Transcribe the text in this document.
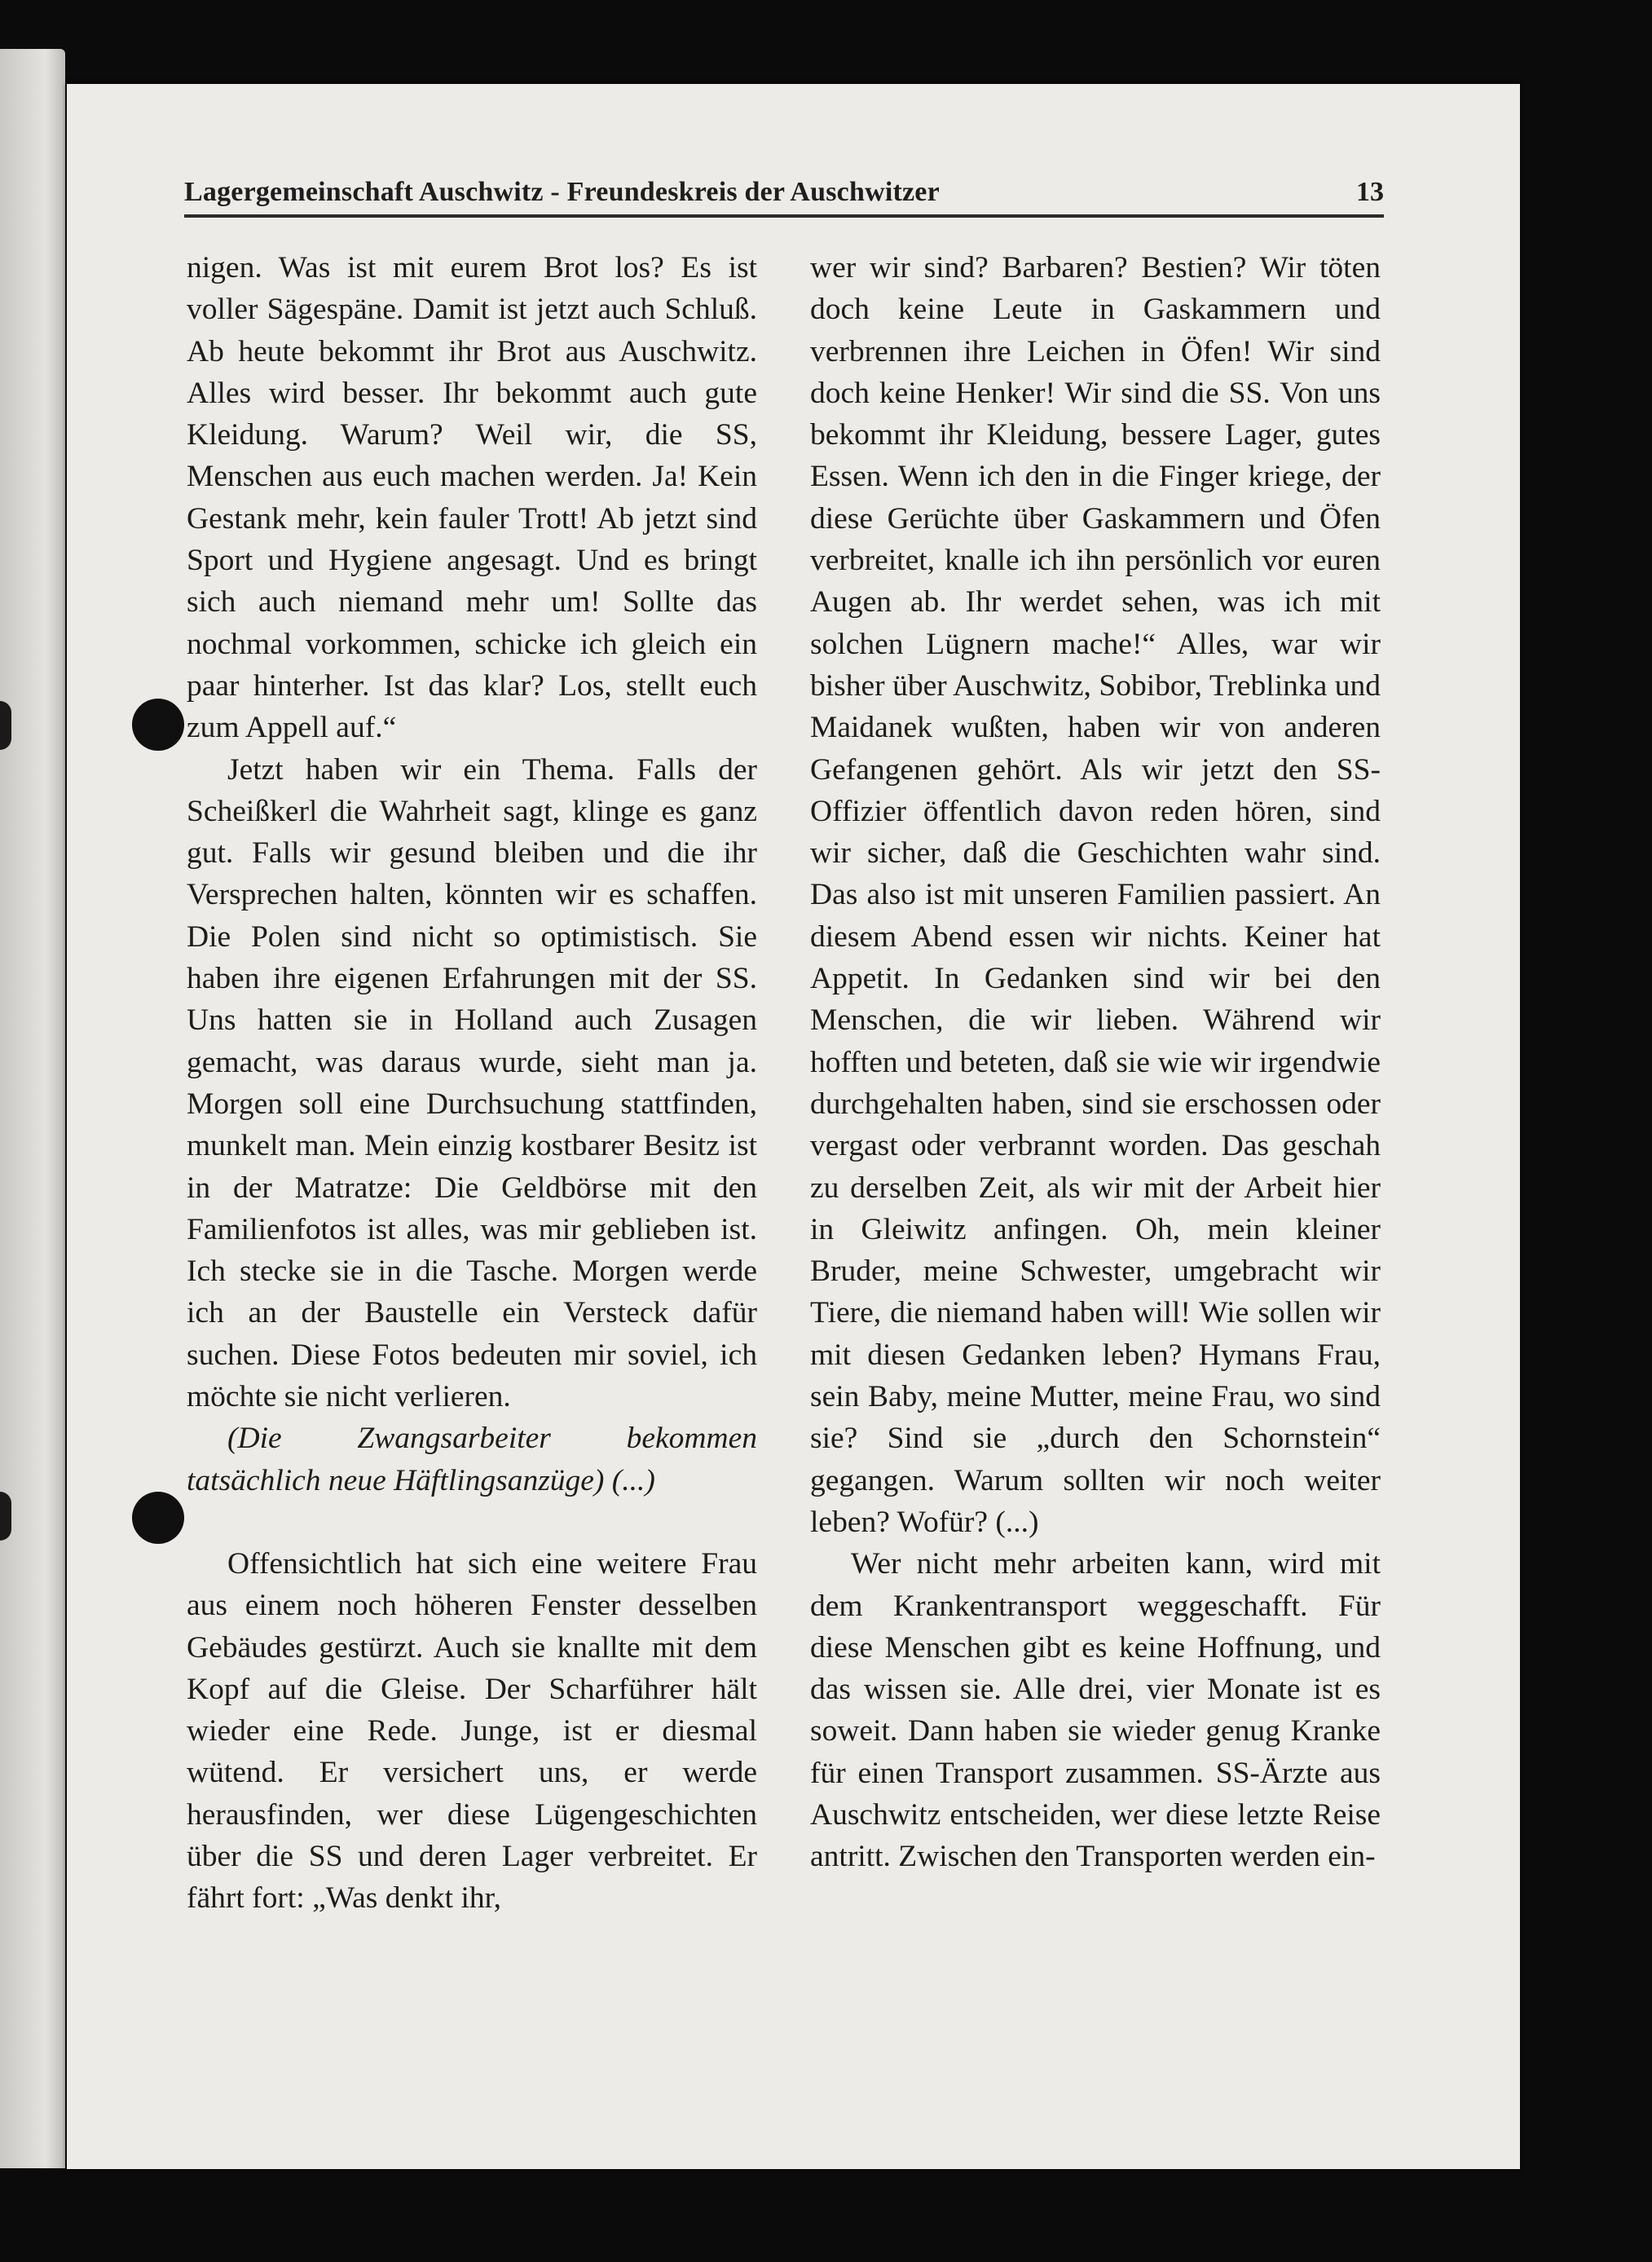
Lagergemeinschaft Auschwitz - Freundeskreis der Auschwitzer	13

nigen. Was ist mit eurem Brot los? Es ist voller Sägespäne. Damit ist jetzt auch Schluß. Ab heute bekommt ihr Brot aus Auschwitz. Alles wird besser. Ihr bekommt auch gute Kleidung. Warum? Weil wir, die SS, Menschen aus euch machen werden. Ja! Kein Gestank mehr, kein fauler Trott! Ab jetzt sind Sport und Hygiene angesagt. Und es bringt sich auch niemand mehr um! Sollte das nochmal vorkommen, schicke ich gleich ein paar hinterher. Ist das klar? Los, stellt euch zum Appell auf.“

Jetzt haben wir ein Thema. Falls der Scheißkerl die Wahrheit sagt, klinge es ganz gut. Falls wir gesund bleiben und die ihr Versprechen halten, könnten wir es schaffen. Die Polen sind nicht so optimistisch. Sie haben ihre eigenen Erfahrungen mit der SS. Uns hatten sie in Holland auch Zusagen gemacht, was daraus wurde, sieht man ja. Morgen soll eine Durchsuchung stattfinden, munkelt man. Mein einzig kostbarer Besitz ist in der Matratze: Die Geldbörse mit den Familienfotos ist alles, was mir geblieben ist. Ich stecke sie in die Tasche. Morgen werde ich an der Baustelle ein Versteck dafür suchen. Diese Fotos bedeuten mir soviel, ich möchte sie nicht verlieren.

(Die Zwangsarbeiter bekommen tatsächlich neue Häftlingsanzüge) (...)

Offensichtlich hat sich eine weitere Frau aus einem noch höheren Fenster desselben Gebäudes gestürzt. Auch sie knallte mit dem Kopf auf die Gleise. Der Scharführer hält wieder eine Rede. Junge, ist er diesmal wütend. Er versichert uns, er werde herausfinden, wer diese Lügengeschichten über die SS und deren Lager verbreitet. Er fährt fort: „Was denkt ihr,

wer wir sind? Barbaren? Bestien? Wir töten doch keine Leute in Gaskammern und verbrennen ihre Leichen in Öfen! Wir sind doch keine Henker! Wir sind die SS. Von uns bekommt ihr Kleidung, bessere Lager, gutes Essen. Wenn ich den in die Finger kriege, der diese Gerüchte über Gaskammern und Öfen verbreitet, knalle ich ihn persönlich vor euren Augen ab. Ihr werdet sehen, was ich mit solchen Lügnern mache!“ Alles, war wir bisher über Auschwitz, Sobibor, Treblinka und Maidanek wußten, haben wir von anderen Gefangenen gehört. Als wir jetzt den SS-Offizier öffentlich davon reden hören, sind wir sicher, daß die Geschichten wahr sind. Das also ist mit unseren Familien passiert. An diesem Abend essen wir nichts. Keiner hat Appetit. In Gedanken sind wir bei den Menschen, die wir lieben. Während wir hofften und beteten, daß sie wie wir irgendwie durchgehalten haben, sind sie erschossen oder vergast oder verbrannt worden. Das geschah zu derselben Zeit, als wir mit der Arbeit hier in Gleiwitz anfingen. Oh, mein kleiner Bruder, meine Schwester, umgebracht wir Tiere, die niemand haben will! Wie sollen wir mit diesen Gedanken leben? Hymans Frau, sein Baby, meine Mutter, meine Frau, wo sind sie? Sind sie „durch den Schornstein“ gegangen. Warum sollten wir noch weiter leben? Wofür? (...)

Wer nicht mehr arbeiten kann, wird mit dem Krankentransport weggeschafft. Für diese Menschen gibt es keine Hoffnung, und das wissen sie. Alle drei, vier Monate ist es soweit. Dann haben sie wieder genug Kranke für einen Transport zusammen. SS-Ärzte aus Auschwitz entscheiden, wer diese letzte Reise antritt. Zwischen den Transporten werden ein-
